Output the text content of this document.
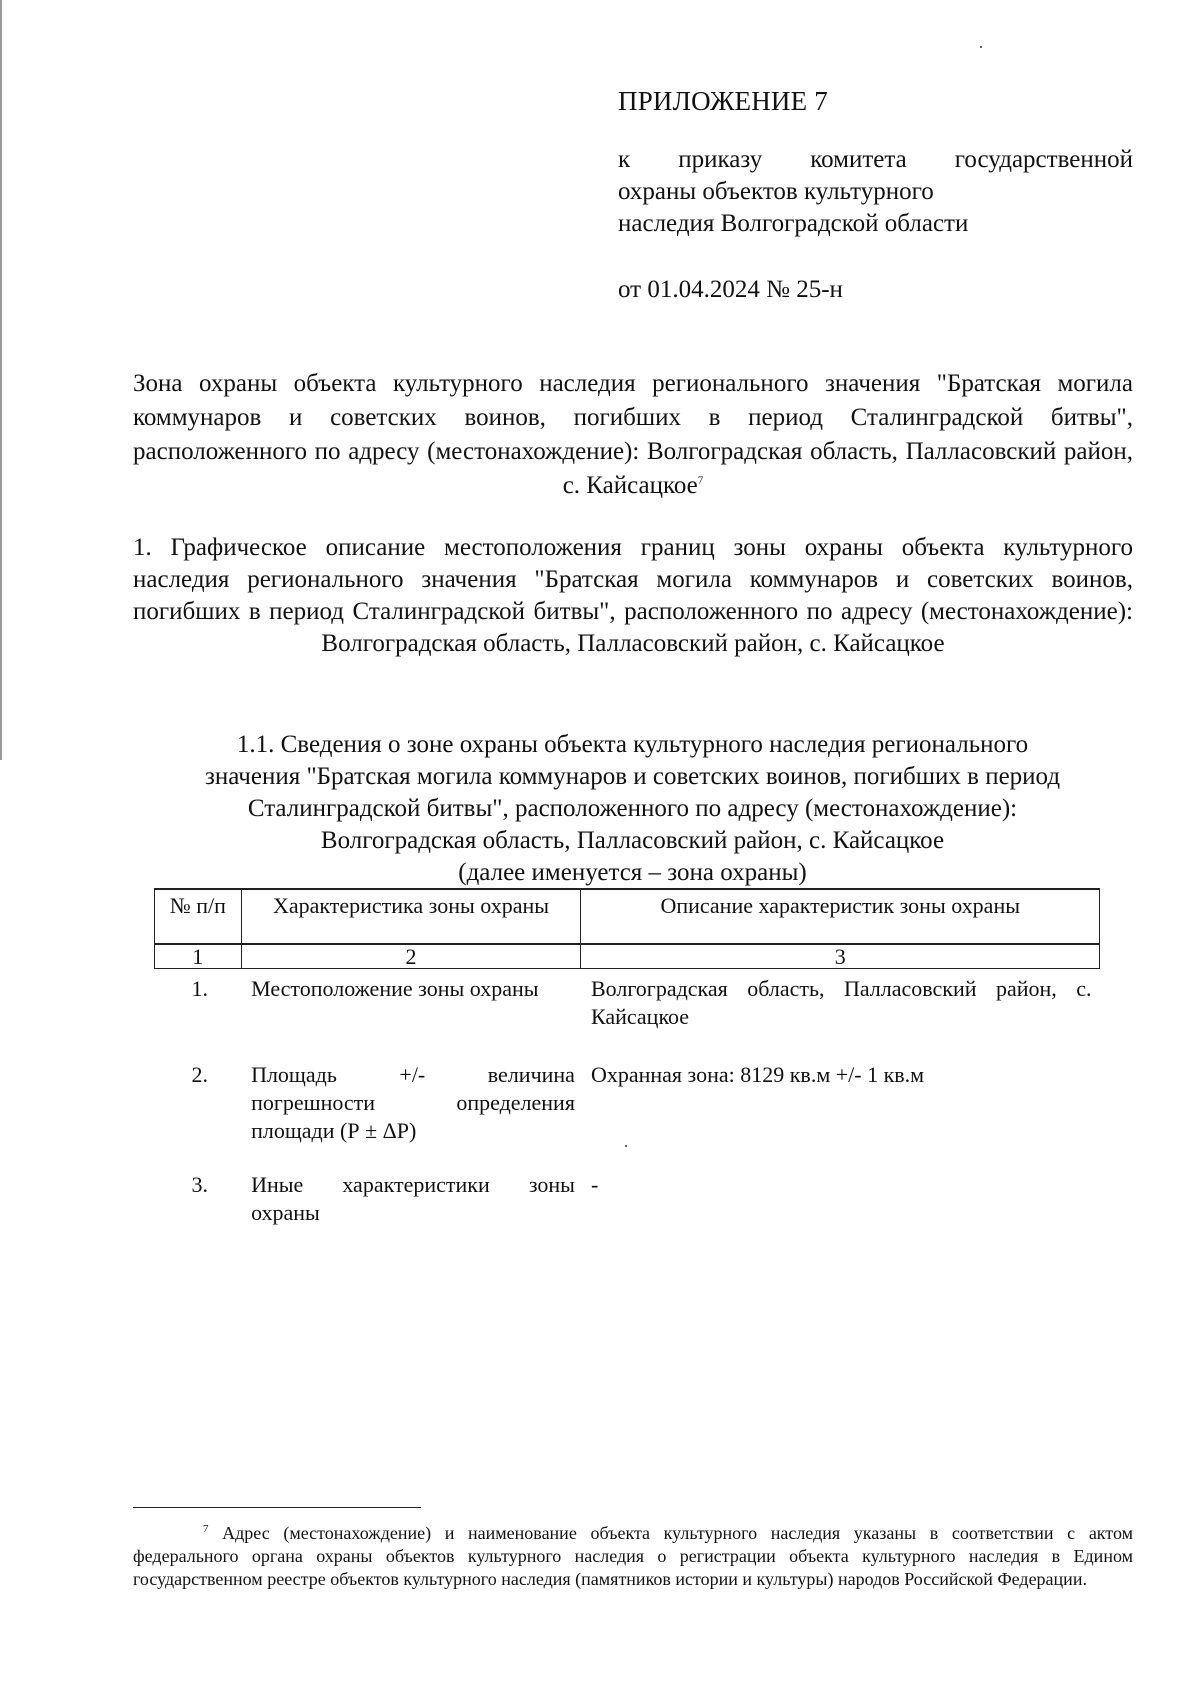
ПРИЛОЖЕНИЕ 7
к приказу комитета государственной
охраны объектов культурного
наследия Волгоградской области
от 01.04.2024 № 25-н
Зона охраны объекта культурного наследия регионального значения "Братская могила коммунаров и советских воинов, погибших в период Сталинградской битвы", расположенного по адресу (местонахождение): Волгоградская область, Палласовский район, с. Кайсацкое$^7$
1. Графическое описание местоположения границ зоны охраны объекта культурного наследия регионального значения "Братская могила коммунаров и советских воинов, погибших в период Сталинградской битвы", расположенного по адресу (местонахождение): Волгоградская область, Палласовский район, с. Кайсацкое
1.1. Сведения о зоне охраны объекта культурного наследия регионального
значения "Братская могила коммунаров и советских воинов, погибших в период
Сталинградской битвы", расположенного по адресу (местонахождение):
Волгоградская область, Палласовский район, с. Кайсацкое
(далее именуется – зона охраны)
№ п/п	Характеристика зоны охраны	Описание характеристик зоны охраны
1	2	3
1.	Местоположение зоны охраны	Волгоградская область, Палласовский район, с. Кайсацкое
2.	Площадь +/- величина погрешности определения площади (Р ± ΔР)	Охранная зона: 8129 кв.м +/- 1 кв.м
3.	Иные характеристики зоны охраны	-
$^7$ Адрес (местонахождение) и наименование объекта культурного наследия указаны в соответствии с актом федерального органа охраны объектов культурного наследия о регистрации объекта культурного наследия в Едином государственном реестре объектов культурного наследия (памятников истории и культуры) народов Российской Федерации.
